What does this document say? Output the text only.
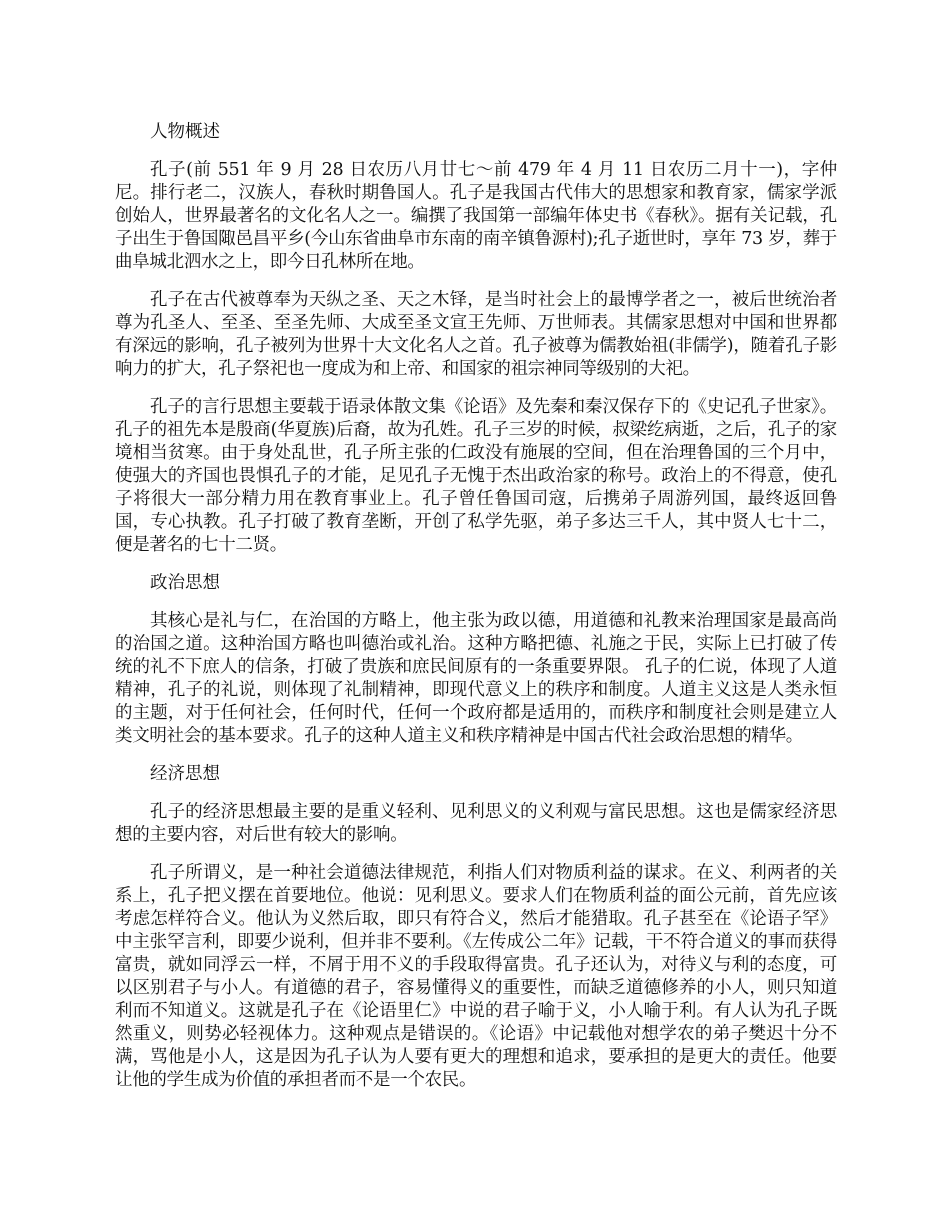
人物概述

孔子(前 551 年 9 月 28 日农历八月廿七～前 479 年 4 月 11 日农历二月十一)，字仲尼。排行老二，汉族人，春秋时期鲁国人。孔子是我国古代伟大的思想家和教育家，儒家学派创始人，世界最著名的文化名人之一。编撰了我国第一部编年体史书《春秋》。据有关记载，孔子出生于鲁国陬邑昌平乡(今山东省曲阜市东南的南辛镇鲁源村);孔子逝世时，享年 73 岁，葬于曲阜城北泗水之上，即今日孔林所在地。

孔子在古代被尊奉为天纵之圣、天之木铎，是当时社会上的最博学者之一，被后世统治者尊为孔圣人、至圣、至圣先师、大成至圣文宣王先师、万世师表。其儒家思想对中国和世界都有深远的影响，孔子被列为世界十大文化名人之首。孔子被尊为儒教始祖(非儒学)，随着孔子影响力的扩大，孔子祭祀也一度成为和上帝、和国家的祖宗神同等级别的大祀。

孔子的言行思想主要载于语录体散文集《论语》及先秦和秦汉保存下的《史记孔子世家》。孔子的祖先本是殷商(华夏族)后裔，故为孔姓。孔子三岁的时候，叔梁纥病逝，之后，孔子的家境相当贫寒。由于身处乱世，孔子所主张的仁政没有施展的空间，但在治理鲁国的三个月中，使强大的齐国也畏惧孔子的才能，足见孔子无愧于杰出政治家的称号。政治上的不得意，使孔子将很大一部分精力用在教育事业上。孔子曾任鲁国司寇，后携弟子周游列国，最终返回鲁国，专心执教。孔子打破了教育垄断，开创了私学先驱，弟子多达三千人，其中贤人七十二，便是著名的七十二贤。

政治思想

其核心是礼与仁，在治国的方略上，他主张为政以德，用道德和礼教来治理国家是最高尚的治国之道。这种治国方略也叫德治或礼治。这种方略把德、礼施之于民，实际上已打破了传统的礼不下庶人的信条，打破了贵族和庶民间原有的一条重要界限。 孔子的仁说，体现了人道精神，孔子的礼说，则体现了礼制精神，即现代意义上的秩序和制度。人道主义这是人类永恒的主题，对于任何社会，任何时代，任何一个政府都是适用的，而秩序和制度社会则是建立人类文明社会的基本要求。孔子的这种人道主义和秩序精神是中国古代社会政治思想的精华。

经济思想

孔子的经济思想最主要的是重义轻利、见利思义的义利观与富民思想。这也是儒家经济思想的主要内容，对后世有较大的影响。

孔子所谓义，是一种社会道德法律规范，利指人们对物质利益的谋求。在义、利两者的关系上，孔子把义摆在首要地位。他说：见利思义。要求人们在物质利益的面公元前，首先应该考虑怎样符合义。他认为义然后取，即只有符合义，然后才能猎取。孔子甚至在《论语子罕》中主张罕言利，即要少说利，但并非不要利。《左传成公二年》记载，干不符合道义的事而获得富贵，就如同浮云一样，不屑于用不义的手段取得富贵。孔子还认为，对待义与利的态度，可以区别君子与小人。有道德的君子，容易懂得义的重要性，而缺乏道德修养的小人，则只知道利而不知道义。这就是孔子在《论语里仁》中说的君子喻于义，小人喻于利。有人认为孔子既然重义，则势必轻视体力。这种观点是错误的。《论语》中记载他对想学农的弟子樊迟十分不满，骂他是小人，这是因为孔子认为人要有更大的理想和追求，要承担的是更大的责任。他要让他的学生成为价值的承担者而不是一个农民。
